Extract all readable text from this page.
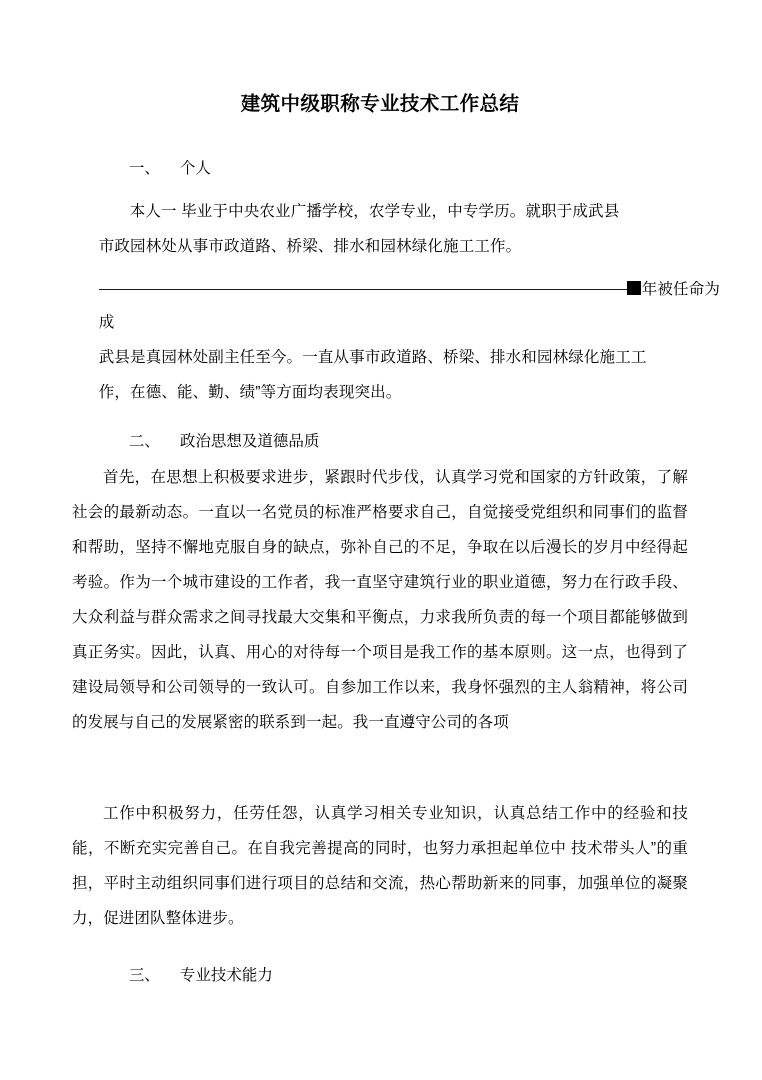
建筑中级职称专业技术工作总结

一、 个人

本人一 毕业于中央农业广播学校，农学专业，中专学历。就职于成武县

市政园林处从事市政道路、桥梁、排水和园林绿化施工工作。

年被任命为

成

武县是真园林处副主任至今。一直从事市政道路、桥梁、排水和园林绿化施工工

作，在德、能、勤、绩”等方面均表现突出。

二、 政治思想及道德品质

首先，在思想上积极要求进步，紧跟时代步伐，认真学习党和国家的方针政策，了解社会的最新动态。一直以一名党员的标准严格要求自己，自觉接受党组织和同事们的监督和帮助，坚持不懈地克服自身的缺点，弥补自己的不足，争取在以后漫长的岁月中经得起考验。作为一个城市建设的工作者，我一直坚守建筑行业的职业道德，努力在行政手段、大众利益与群众需求之间寻找最大交集和平衡点，力求我所负责的每一个项目都能够做到真正务实。因此，认真、用心的对待每一个项目是我工作的基本原则。这一点，也得到了建设局领导和公司领导的一致认可。自参加工作以来，我身怀强烈的主人翁精神，将公司的发展与自己的发展紧密的联系到一起。我一直遵守公司的各项
工作中积极努力，任劳任怨，认真学习相关专业知识，认真总结工作中的经验和技能，不断充实完善自己。在自我完善提高的同时，也努力承担起单位中 技术带头人”的重担，平时主动组织同事们进行项目的总结和交流，热心帮助新来的同事，加强单位的凝聚力，促进团队整体进步。

三、 专业技术能力
